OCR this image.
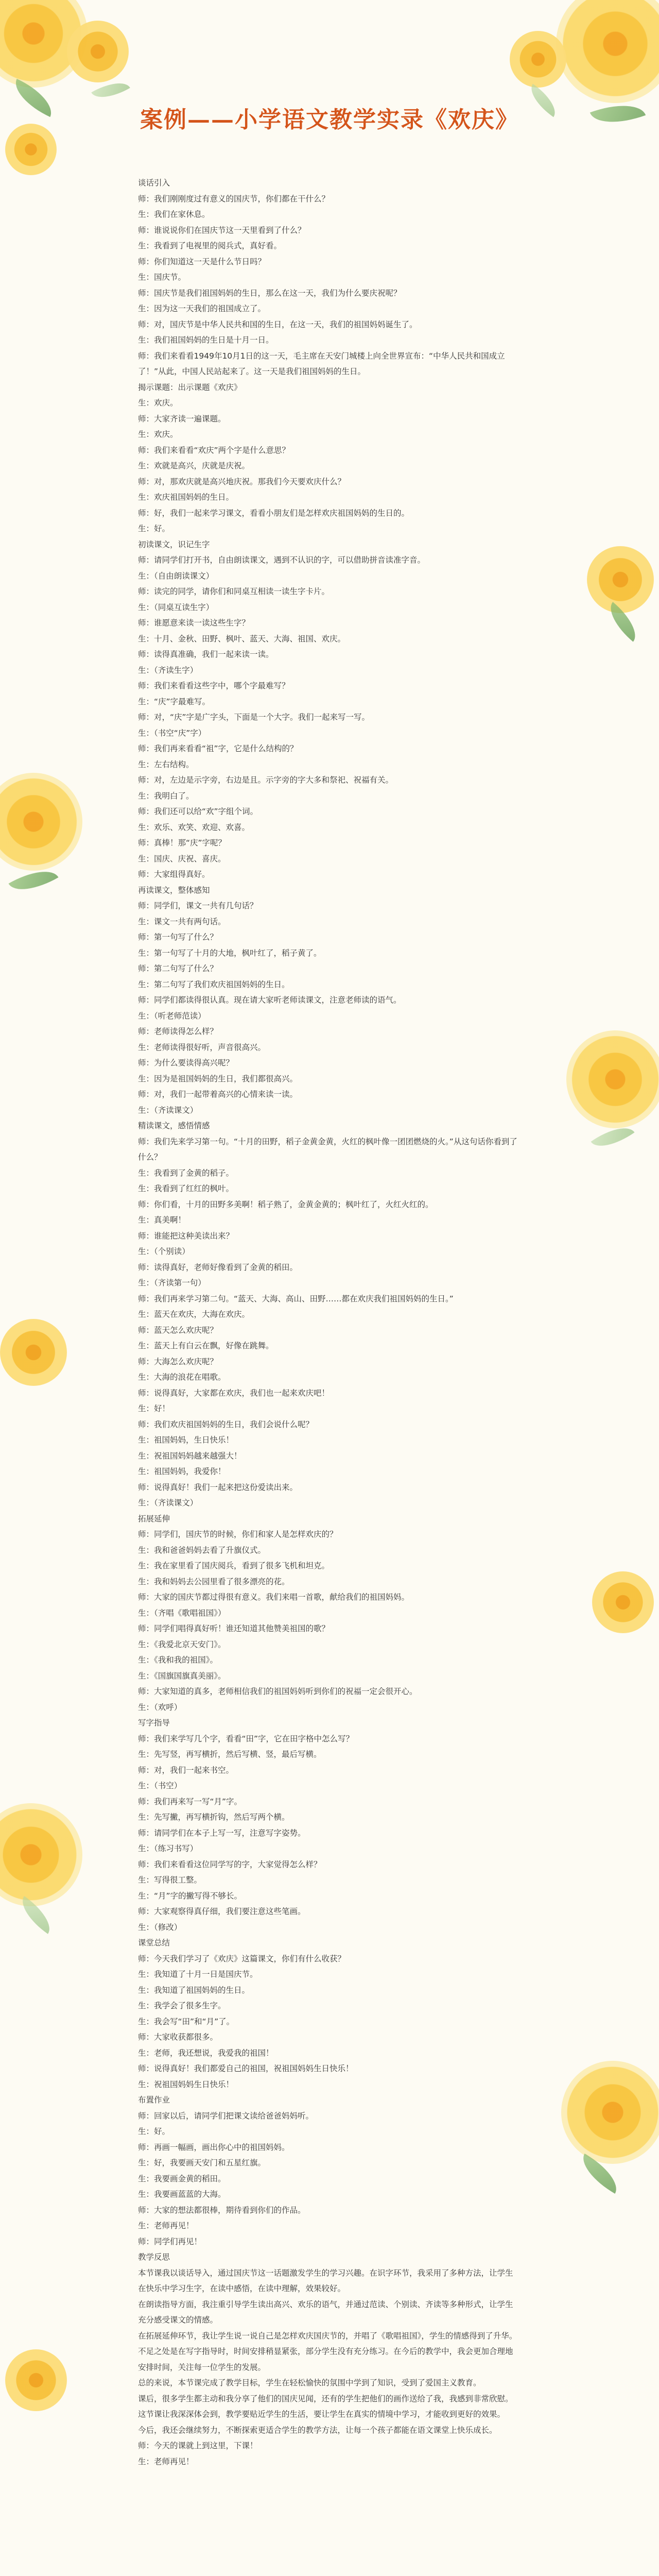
案例——小学语文教学实录《欢庆》

谈话引入

师：我们刚刚度过有意义的国庆节，你们都在干什么？

生：我们在家休息。

师：谁说说你们在国庆节这一天里看到了什么？

生：我看到了电视里的阅兵式，真好看。

师：你们知道这一天是什么节日吗？

生：国庆节。

师：国庆节是我们祖国妈妈的生日，那么在这一天，我们为什么要庆祝呢？

生：因为这一天我们的祖国成立了。

师：对，国庆节是中华人民共和国的生日，在这一天，我们的祖国妈妈诞生了。

生：我们祖国妈妈的生日是十月一日。

师：我们来看看1949年10月1日的这一天，毛主席在天安门城楼上向全世界宣布：“中华人民共和国成立了！”从此，中国人民站起来了。这一天是我们祖国妈妈的生日。

揭示课题：出示课题《欢庆》

生：欢庆。

师：大家齐读一遍课题。

生：欢庆。

师：我们来看看“欢庆”两个字是什么意思？

生：欢就是高兴，庆就是庆祝。

师：对，那欢庆就是高兴地庆祝。那我们今天要欢庆什么？

生：欢庆祖国妈妈的生日。

师：好，我们一起来学习课文，看看小朋友们是怎样欢庆祖国妈妈的生日的。

生：好。

初读课文，识记生字

师：请同学们打开书，自由朗读课文，遇到不认识的字，可以借助拼音读准字音。

生：（自由朗读课文）

师：读完的同学，请你们和同桌互相读一读生字卡片。

生：（同桌互读生字）

师：谁愿意来读一读这些生字？

生：十月、金秋、田野、枫叶、蓝天、大海、祖国、欢庆。

师：读得真准确，我们一起来读一读。

生：（齐读生字）

师：我们来看看这些字中，哪个字最难写？

生：“庆”字最难写。

师：对，“庆”字是广字头，下面是一个大字。我们一起来写一写。

生：（书空“庆”字）

师：我们再来看看“祖”字，它是什么结构的？

生：左右结构。

师：对，左边是示字旁，右边是且。示字旁的字大多和祭祀、祝福有关。

生：我明白了。

师：我们还可以给“欢”字组个词。

生：欢乐、欢笑、欢迎、欢喜。

师：真棒！那“庆”字呢？

生：国庆、庆祝、喜庆。

师：大家组得真好。

再读课文，整体感知

师：同学们，课文一共有几句话？

生：课文一共有两句话。

师：第一句写了什么？

生：第一句写了十月的大地，枫叶红了，稻子黄了。

师：第二句写了什么？

生：第二句写了我们欢庆祖国妈妈的生日。

师：同学们都读得很认真。现在请大家听老师读课文，注意老师读的语气。

生：（听老师范读）

师：老师读得怎么样？

生：老师读得很好听，声音很高兴。

师：为什么要读得高兴呢？

生：因为是祖国妈妈的生日，我们都很高兴。

师：对，我们一起带着高兴的心情来读一读。

生：（齐读课文）

精读课文，感悟情感

师：我们先来学习第一句。“十月的田野，稻子金黄金黄，火红的枫叶像一团团燃烧的火。”从这句话你看到了什么？

生：我看到了金黄的稻子。

生：我看到了红红的枫叶。

师：你们看，十月的田野多美啊！稻子熟了，金黄金黄的；枫叶红了，火红火红的。

生：真美啊！

师：谁能把这种美读出来？

生：（个别读）

师：读得真好，老师好像看到了金黄的稻田。

生：（齐读第一句）

师：我们再来学习第二句。“蓝天、大海、高山、田野……都在欢庆我们祖国妈妈的生日。”

生：蓝天在欢庆，大海在欢庆。

师：蓝天怎么欢庆呢？

生：蓝天上有白云在飘，好像在跳舞。

师：大海怎么欢庆呢？

生：大海的浪花在唱歌。

师：说得真好，大家都在欢庆，我们也一起来欢庆吧！

生：好！

师：我们欢庆祖国妈妈的生日，我们会说什么呢？

生：祖国妈妈，生日快乐！

生：祝祖国妈妈越来越强大！

生：祖国妈妈，我爱你！

师：说得真好！我们一起来把这份爱读出来。

生：（齐读课文）

拓展延伸

师：同学们，国庆节的时候，你们和家人是怎样欢庆的？

生：我和爸爸妈妈去看了升旗仪式。

生：我在家里看了国庆阅兵，看到了很多飞机和坦克。

生：我和妈妈去公园里看了很多漂亮的花。

师：大家的国庆节都过得很有意义。我们来唱一首歌，献给我们的祖国妈妈。

生：（齐唱《歌唱祖国》）

师：同学们唱得真好听！谁还知道其他赞美祖国的歌？

生：《我爱北京天安门》。

生：《我和我的祖国》。

生：《国旗国旗真美丽》。

师：大家知道的真多，老师相信我们的祖国妈妈听到你们的祝福一定会很开心。

生：（欢呼）

写字指导

师：我们来学写几个字，看看“田”字，它在田字格中怎么写？

生：先写竖，再写横折，然后写横、竖，最后写横。

师：对，我们一起来书空。

生：（书空）

师：我们再来写一写“月”字。

生：先写撇，再写横折钩，然后写两个横。

师：请同学们在本子上写一写，注意写字姿势。

生：（练习书写）

师：我们来看看这位同学写的字，大家觉得怎么样？

生：写得很工整。

生：“月”字的撇写得不够长。

师：大家观察得真仔细，我们要注意这些笔画。

生：（修改）

课堂总结

师：今天我们学习了《欢庆》这篇课文，你们有什么收获？

生：我知道了十月一日是国庆节。

生：我知道了祖国妈妈的生日。

生：我学会了很多生字。

生：我会写“田”和“月”了。

师：大家收获都很多。

生：老师，我还想说，我爱我的祖国！

师：说得真好！我们都爱自己的祖国，祝祖国妈妈生日快乐！

生：祝祖国妈妈生日快乐！

布置作业

师：回家以后，请同学们把课文读给爸爸妈妈听。

生：好。

师：再画一幅画，画出你心中的祖国妈妈。

生：好，我要画天安门和五星红旗。

生：我要画金黄的稻田。

生：我要画蓝蓝的大海。

师：大家的想法都很棒，期待看到你们的作品。

生：老师再见！

师：同学们再见！

教学反思

本节课我以谈话导入，通过国庆节这一话题激发学生的学习兴趣。在识字环节，我采用了多种方法，让学生在快乐中学习生字，在读中感悟，在读中理解，效果较好。

在朗读指导方面，我注重引导学生读出高兴、欢乐的语气，并通过范读、个别读、齐读等多种形式，让学生充分感受课文的情感。

在拓展延伸环节，我让学生说一说自己是怎样欢庆国庆节的，并唱了《歌唱祖国》，学生的情感得到了升华。

不足之处是在写字指导时，时间安排稍显紧张，部分学生没有充分练习。在今后的教学中，我会更加合理地安排时间，关注每一位学生的发展。

总的来说，本节课完成了教学目标，学生在轻松愉快的氛围中学到了知识，受到了爱国主义教育。

课后，很多学生都主动和我分享了他们的国庆见闻，还有的学生把他们的画作送给了我，我感到非常欣慰。

这节课让我深深体会到，教学要贴近学生的生活，要让学生在真实的情境中学习，才能收到更好的效果。

今后，我还会继续努力，不断探索更适合学生的教学方法，让每一个孩子都能在语文课堂上快乐成长。

师：今天的课就上到这里，下课！

生：老师再见！
